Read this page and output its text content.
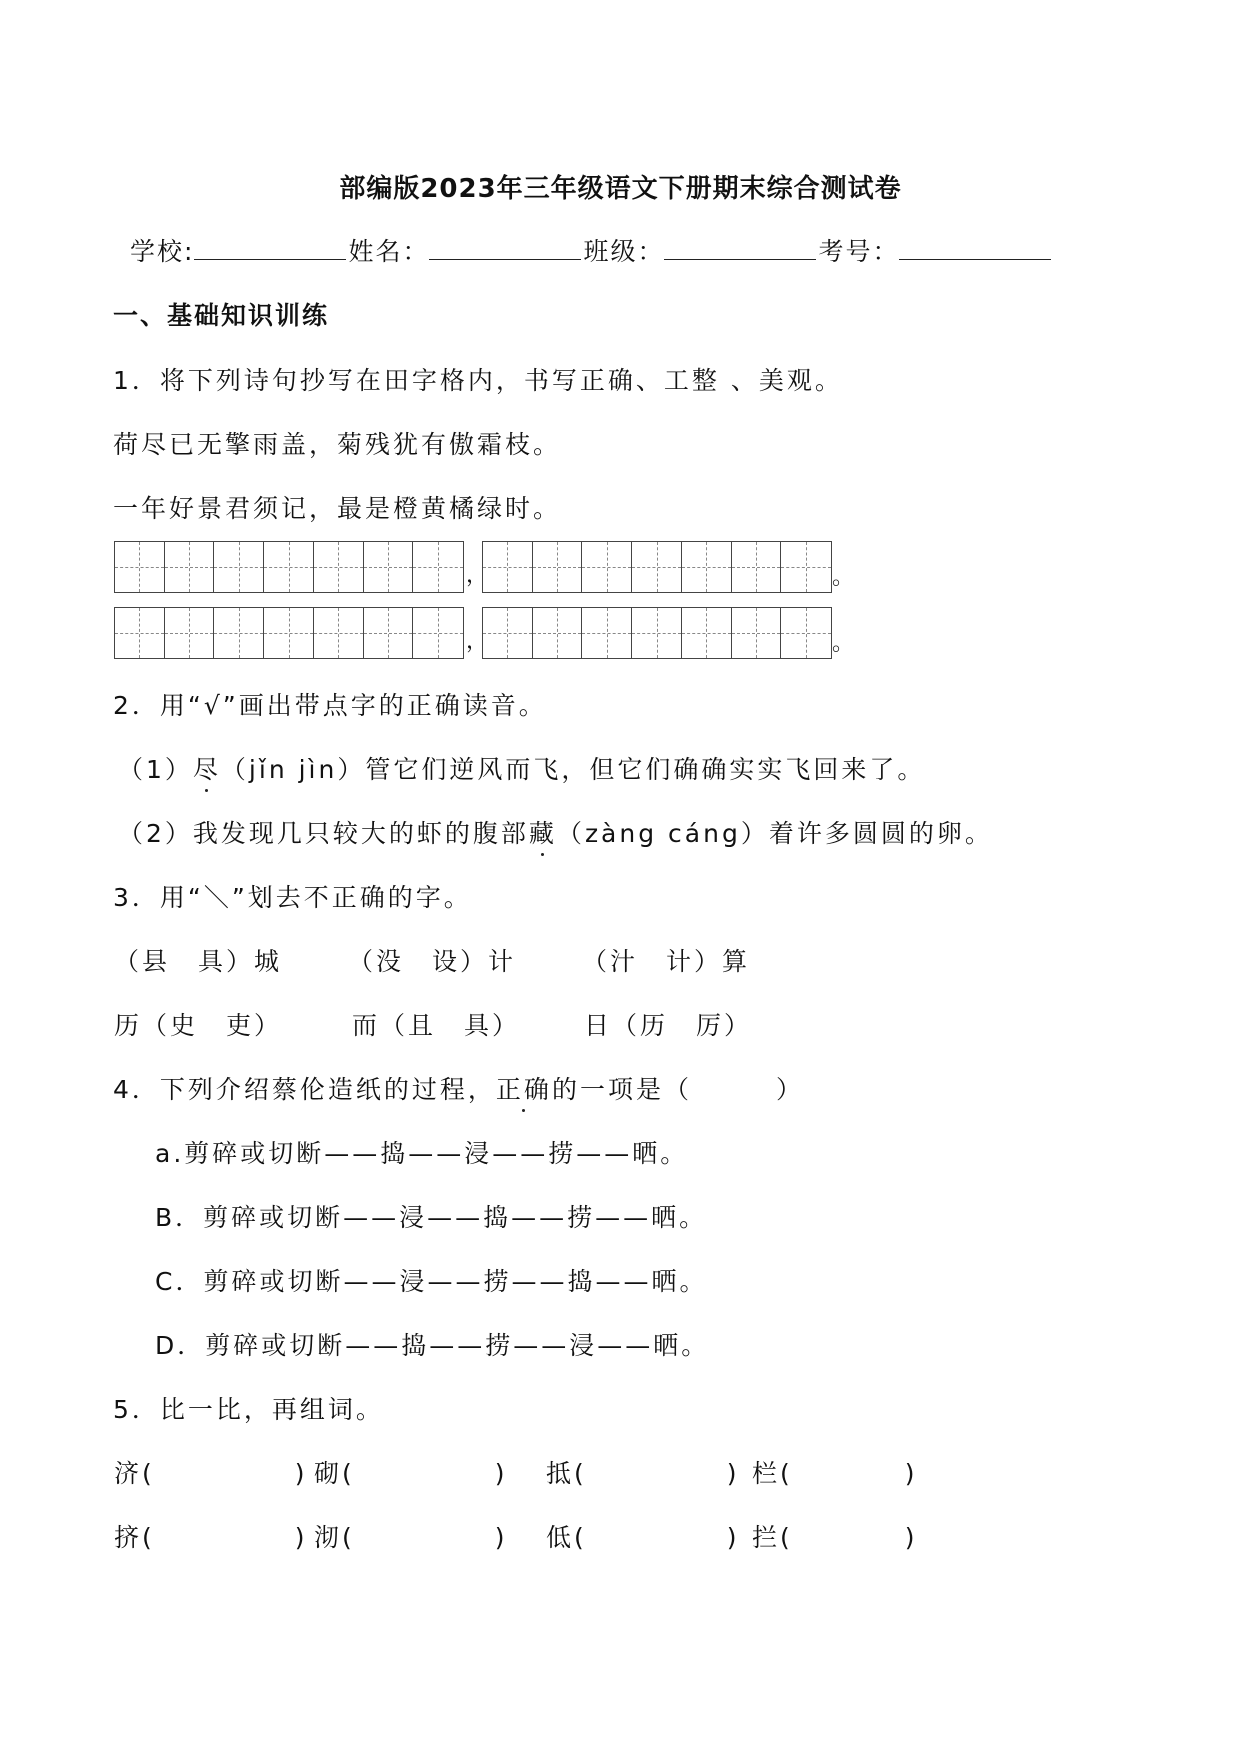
部编版2023年三年级语文下册期末综合测试卷
学校:	姓名：	班级：	考号：
一、基础知识训练
1．将下列诗句抄写在田字格内，书写正确、工整 、美观。
荷尽已无擎雨盖，菊残犹有傲霜枝。
一年好景君须记，最是橙黄橘绿时。
，	。
，	。
2．用“√”画出带点字的正确读音。
（1）尽（jǐn jìn）管它们逆风而飞，但它们确确实实飞回来了。
（2）我发现几只较大的虾的腹部藏（zàng cáng）着许多圆圆的卵。
3．用“＼”划去不正确的字。
（县　具）城	（没　设）计	（汁　计）算
历（史　吏）	而（且　具）	日（历　厉）
4．下列介绍蔡伦造纸的过程，正确的一项是（　　　）
a.剪碎或切断——捣——浸——捞——晒。
B．剪碎或切断——浸——捣——捞——晒。
C．剪碎或切断——浸——捞——捣——晒。
D．剪碎或切断——捣——捞——浸——晒。
5．比一比，再组词。
济(　　　　　) 砌(　　　　　) 抵(　　　　　) 栏(　　　　)
挤(　　　　　) 沏(　　　　　) 低(　　　　　) 拦(　　　　)
